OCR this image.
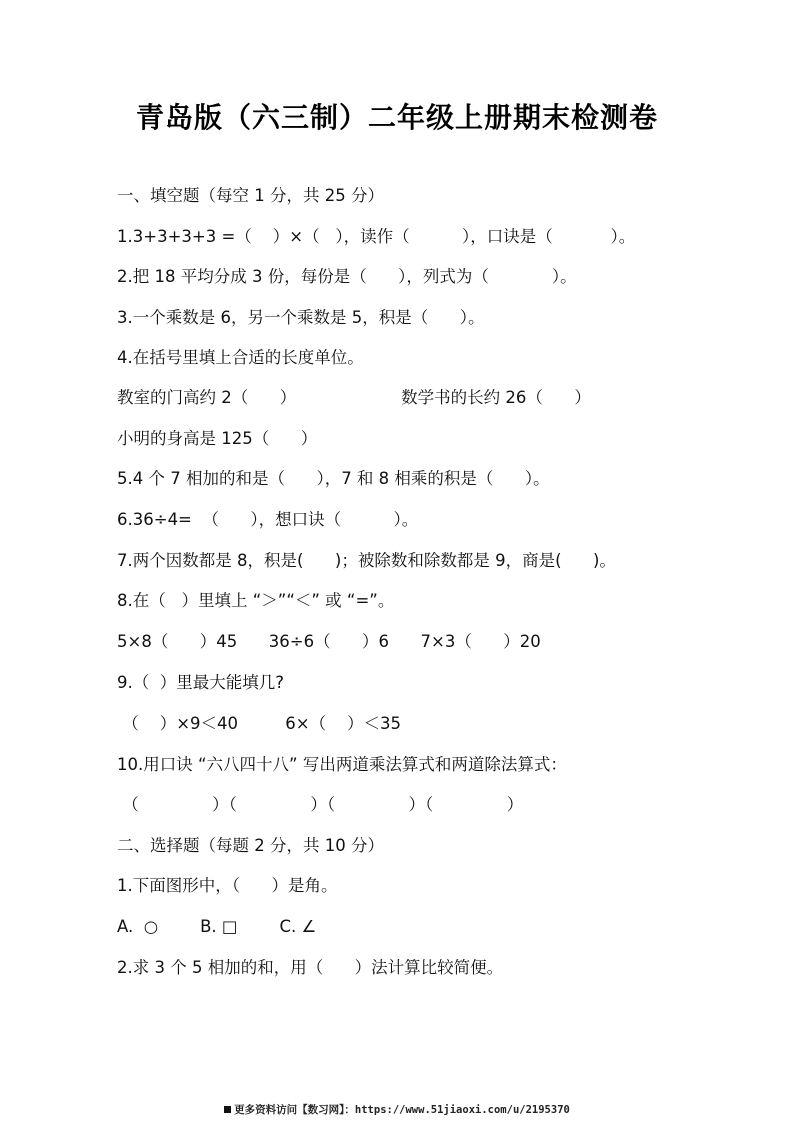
青岛版（六三制）二年级上册期末检测卷
一、填空题（每空 1 分，共 25 分）
1.3+3+3+3 =（    ）×（   ），读作（          ），口诀是（           ）。
2.把 18 平均分成 3 份，每份是（      ），列式为（            ）。
3.一个乘数是 6，另一个乘数是 5，积是（      ）。
4.在括号里填上合适的长度单位。
教室的门高约 2（      ）                    数学书的长约 26（      ）
小明的身高是 125（      ）
5.4 个 7 相加的和是（      ），7 和 8 相乘的积是（      ）。
6.36÷4=  （      ），想口诀（          ）。
7.两个因数都是 8，积是(      )；被除数和除数都是 9，商是(      )。
8.在（   ）里填上 “＞”“＜” 或 “=”。
5×8（      ）45      36÷6（      ）6      7×3（      ）20
9.（  ）里最大能填几?
（    ）×9＜40         6×（    ）＜35
10.用口诀 “六八四十八” 写出两道乘法算式和两道除法算式：
（              ）（              ）（              ）（              ）
二、选择题（每题 2 分，共 10 分）
1.下面图形中，（      ）是角。
A.  ○        B. □        C. ∠
2.求 3 个 5 相加的和，用（      ）法计算比较简便。
更多资料访问【数习网】：https://www.51jiaoxi.com/u/2195370
